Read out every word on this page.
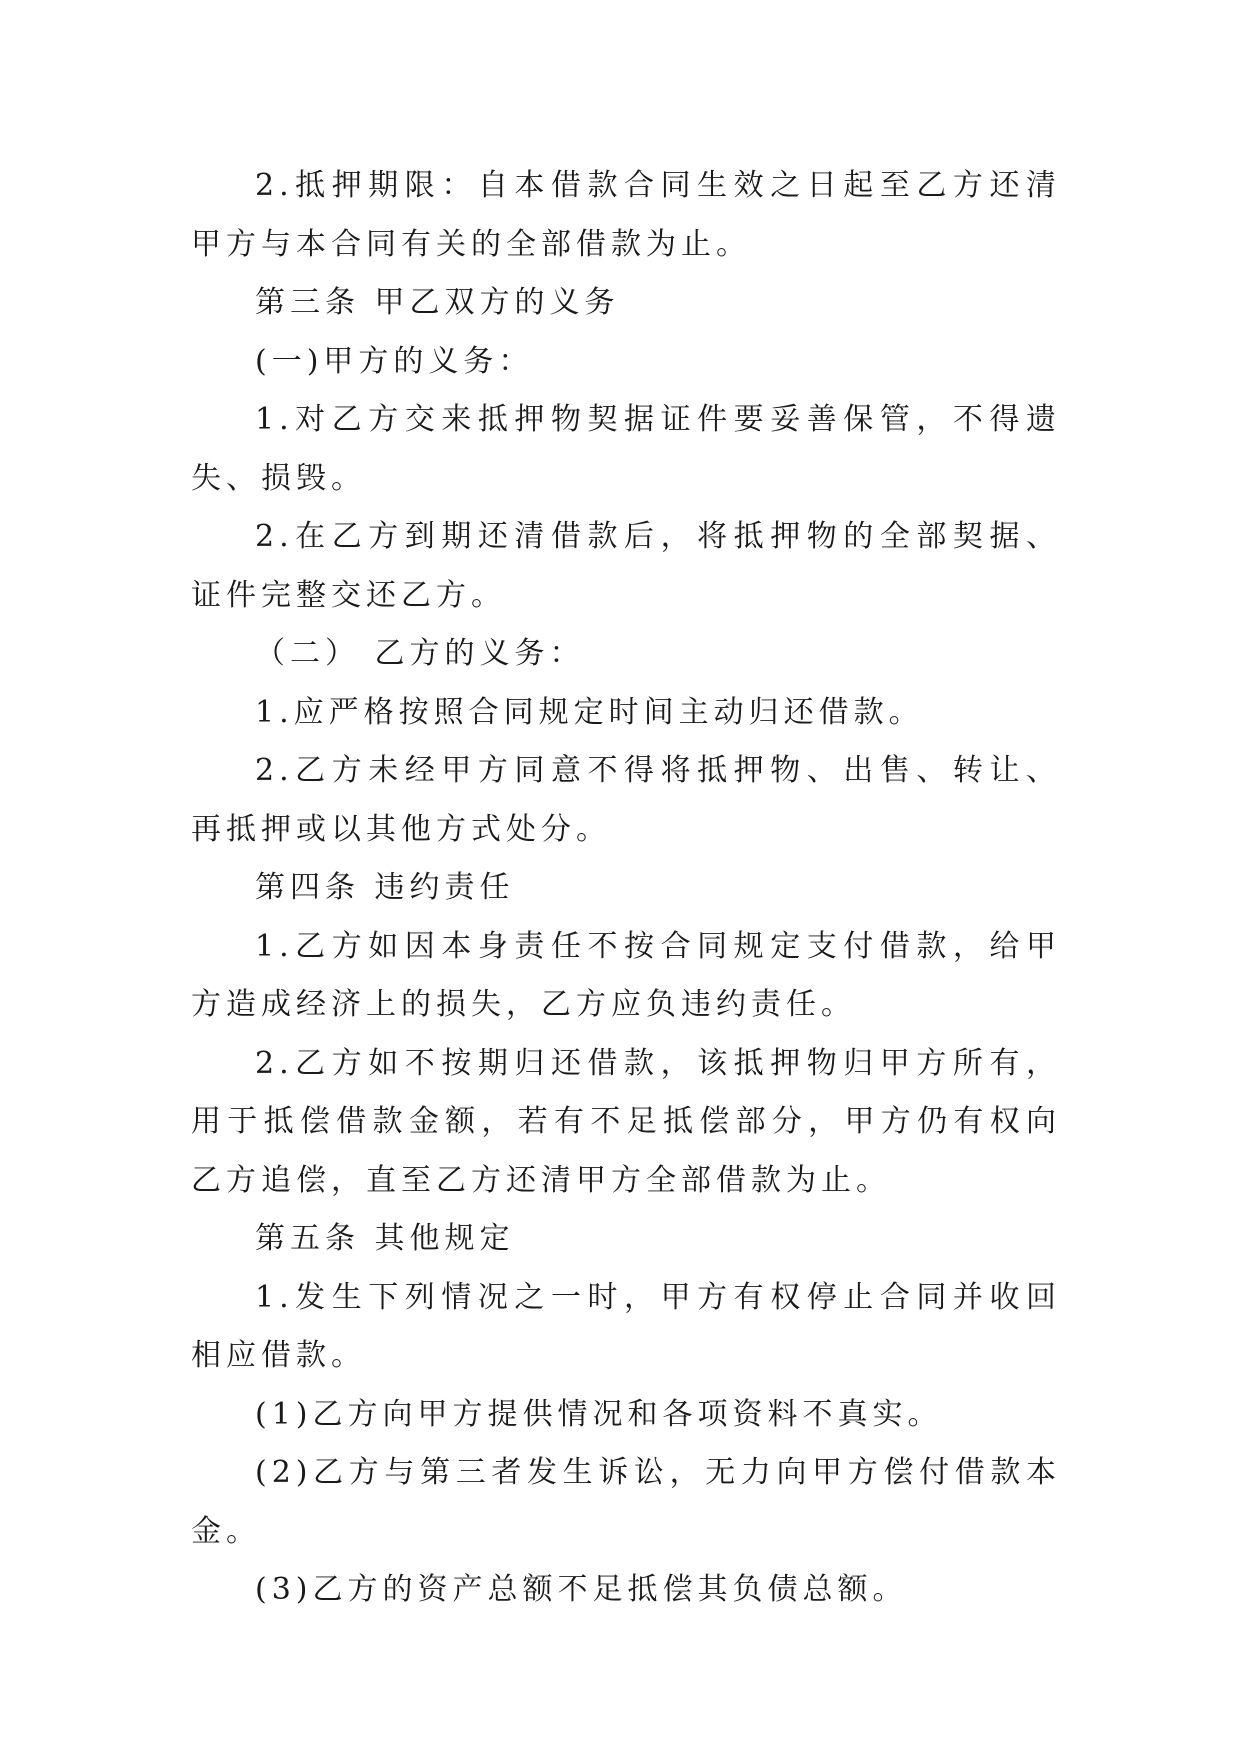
2.抵押期限：自本借款合同生效之日起至乙方还清甲方与本合同有关的全部借款为止。

第三条 甲乙双方的义务

(一)甲方的义务：

1.对乙方交来抵押物契据证件要妥善保管，不得遗失、损毁。

2.在乙方到期还清借款后，将抵押物的全部契据、证件完整交还乙方。

（二） 乙方的义务：

1.应严格按照合同规定时间主动归还借款。

2.乙方未经甲方同意不得将抵押物、出售、转让、再抵押或以其他方式处分。

第四条 违约责任

1.乙方如因本身责任不按合同规定支付借款，给甲方造成经济上的损失，乙方应负违约责任。

2.乙方如不按期归还借款，该抵押物归甲方所有，用于抵偿借款金额，若有不足抵偿部分，甲方仍有权向乙方追偿，直至乙方还清甲方全部借款为止。

第五条 其他规定

1.发生下列情况之一时，甲方有权停止合同并收回相应借款。

(1)乙方向甲方提供情况和各项资料不真实。

(2)乙方与第三者发生诉讼，无力向甲方偿付借款本金。

(3)乙方的资产总额不足抵偿其负债总额。
